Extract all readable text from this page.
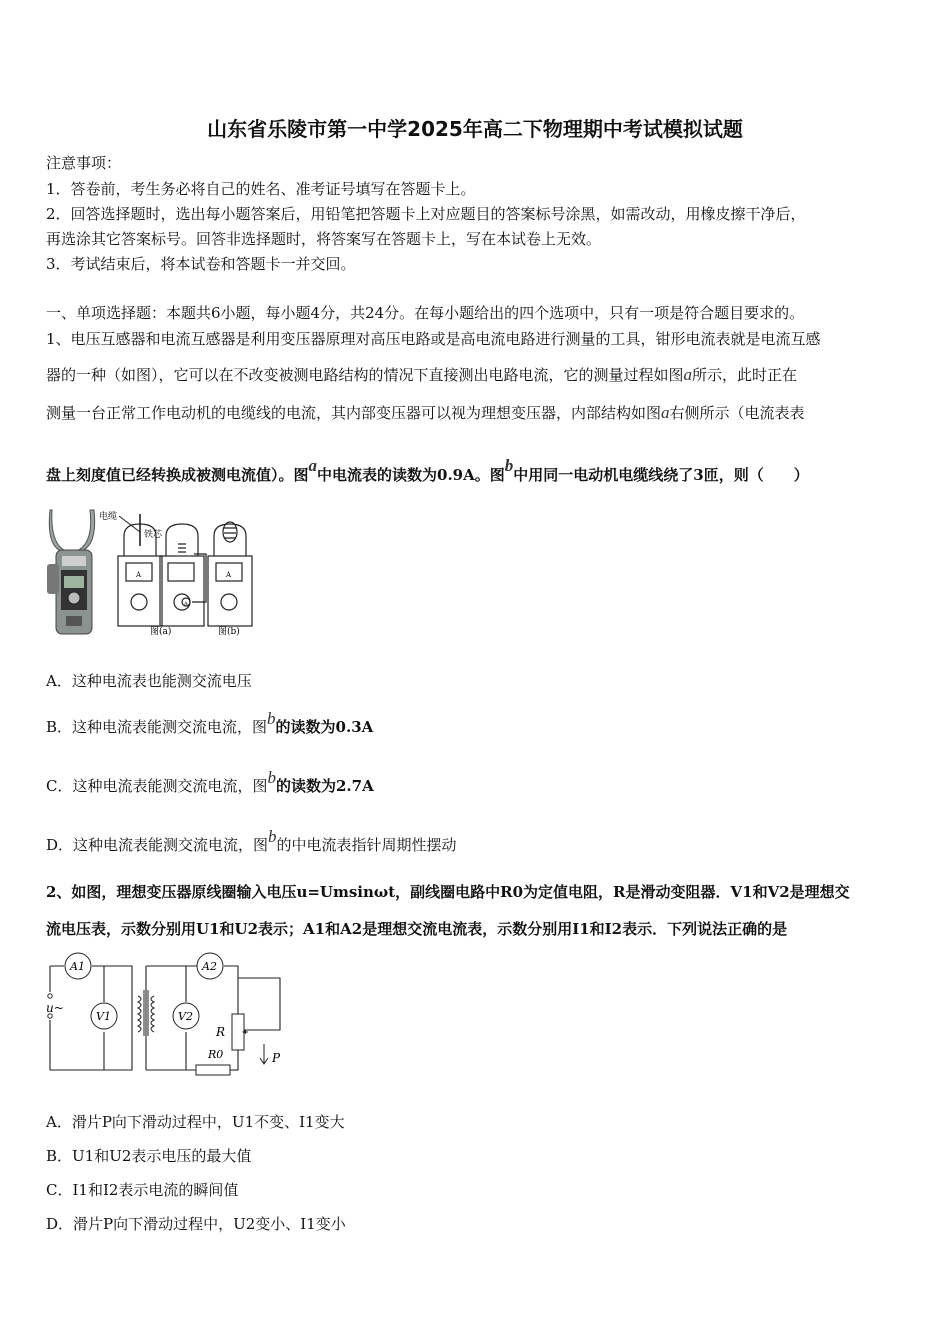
山东省乐陵市第一中学2025年高二下物理期中考试模拟试题
注意事项：
1．答卷前，考生务必将自己的姓名、准考证号填写在答题卡上。
2．回答选择题时，选出每小题答案后，用铅笔把答题卡上对应题目的答案标号涂黑，如需改动，用橡皮擦干净后，
再选涂其它答案标号。回答非选择题时，将答案写在答题卡上，写在本试卷上无效。
3．考试结束后，将本试卷和答题卡一并交回。
一、单项选择题：本题共6小题，每小题4分，共24分。在每小题给出的四个选项中，只有一项是符合题目要求的。
1、电压互感器和电流互感器是利用变压器原理对高压电路或是高电流电路进行测量的工具，钳形电流表就是电流互感
器的一种（如图），它可以在不改变被测电路结构的情况下直接测出电路电流，它的测量过程如图a所示，此时正在
测量一台正常工作电动机的电缆线的电流，其内部变压器可以视为理想变压器，内部结构如图a右侧所示（电流表表
盘上刻度值已经转换成被测电流值）。图a中电流表的读数为0.9A。图b中用同一电动机电缆线绕了3匝，则（　　）
电缆
A
铁芯
A
A
图(a)	图(b)
A．这种电流表也能测交流电压
B．这种电流表能测交流电流，图b的读数为0.3A
C．这种电流表能测交流电流，图b的读数为2.7A
D．这种电流表能测交流电流，图b的中电流表指针周期性摆动
2、如图，理想变压器原线圈输入电压u=Umsinωt，副线圈电路中R0为定值电阻，R是滑动变阻器．V1和V2是理想交
流电压表，示数分别用U1和U2表示；A1和A2是理想交流电流表，示数分别用I1和I2表示．下列说法正确的是
A1	A2
V1	V2
u~
R
R0	P
A．滑片P向下滑动过程中，U1不变、I1变大
B．U1和U2表示电压的最大值
C．I1和I2表示电流的瞬间值
D．滑片P向下滑动过程中，U2变小、I1变小
